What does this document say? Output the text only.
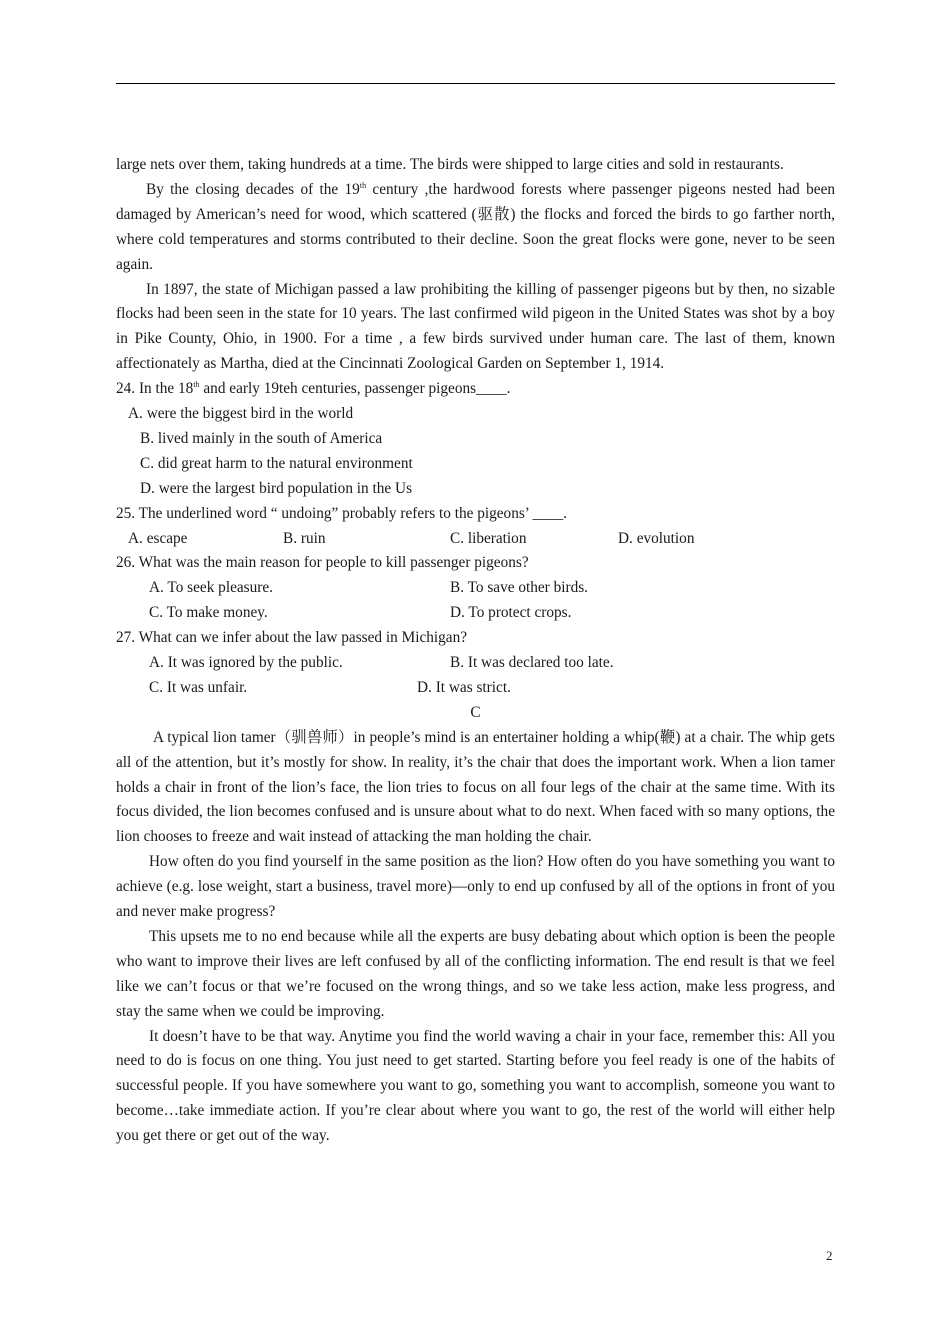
large nets over them, taking hundreds at a time. The birds were shipped to large cities and sold in restaurants.

By the closing decades of the 19th century ,the hardwood forests where passenger pigeons nested had been damaged by American’s need for wood, which scattered (驱散) the flocks and forced the birds to go farther north, where cold temperatures and storms contributed to their decline. Soon the great flocks were gone, never to be seen again.

In 1897, the state of Michigan passed a law prohibiting the killing of passenger pigeons but by then, no sizable flocks had been seen in the state for 10 years. The last confirmed wild pigeon in the United States was shot by a boy in Pike County, Ohio, in 1900. For a time , a few birds survived under human care. The last of them, known affectionately as Martha, died at the Cincinnati Zoological Garden on September 1, 1914.

24. In the 18th and early 19teh centuries, passenger pigeons____.

A. were the biggest bird in the world
B. lived mainly in the south of America
C. did great harm to the natural environment
D. were the largest bird population in the Us

25. The underlined word “ undoing” probably refers to the pigeons’ ____.

A. escape	B. ruin	C. liberation	D. evolution

26. What was the main reason for people to kill passenger pigeons?

A. To seek pleasure.	B. To save other birds.
C. To make money.	D. To protect crops.

27. What can we infer about the law passed in Michigan?

A. It was ignored by the public.	B. It was declared too late.
C. It was unfair.	D. It was strict.

C

A typical lion tamer（驯兽师）in people’s mind is an entertainer holding a whip(鞭) at a chair. The whip gets all of the attention, but it’s mostly for show. In reality, it’s the chair that does the important work. When a lion tamer holds a chair in front of the lion’s face, the lion tries to focus on all four legs of the chair at the same time. With its focus divided, the lion becomes confused and is unsure about what to do next. When faced with so many options, the lion chooses to freeze and wait instead of attacking the man holding the chair.

How often do you find yourself in the same position as the lion? How often do you have something you want to achieve (e.g. lose weight, start a business, travel more)—only to end up confused by all of the options in front of you and never make progress?

This upsets me to no end because while all the experts are busy debating about which option is been the people who want to improve their lives are left confused by all of the conflicting information. The end result is that we feel like we can’t focus or that we’re focused on the wrong things, and so we take less action, make less progress, and stay the same when we could be improving.

It doesn’t have to be that way. Anytime you find the world waving a chair in your face, remember this: All you need to do is focus on one thing. You just need to get started. Starting before you feel ready is one of the habits of successful people. If you have somewhere you want to go, something you want to accomplish, someone you want to become…take immediate action. If you’re clear about where you want to go, the rest of the world will either help you get there or get out of the way.

2
